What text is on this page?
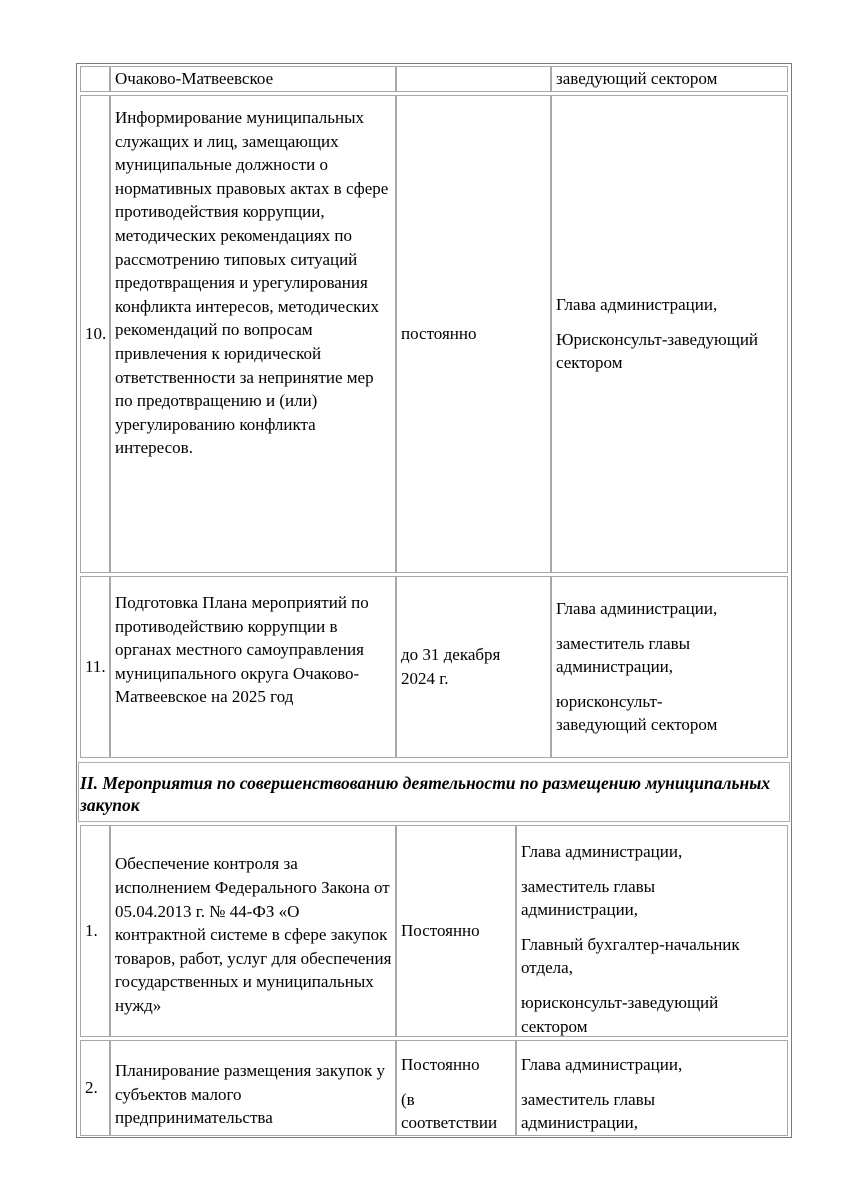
Очаково-Матвеевское	заведующий сектором
10.
Информирование муниципальных служащих и лиц, замещающих муниципальные должности о нормативных правовых актах в сфере противодействия коррупции, методических рекомендациях по рассмотрению типовых ситуаций предотвращения и урегулирования конфликта интересов, методических рекомендаций по вопросам привлечения к юридической ответственности за непринятие мер по предотвращению и (или) урегулированию конфликта интересов.
постоянно

Глава администрации,

Юрисконсульт-заведующий сектором

11.
Подготовка Плана мероприятий по противодействию коррупции в органах местного самоуправления муниципального округа Очаково-Матвеевское на 2025 год
до 31 декабря 2024 г.

Глава администрации,

заместитель главы администрации,

юрисконсульт-заведующий сектором

II. Мероприятия по совершенствованию деятельности по размещению муниципальных закупок
1.
Обеспечение контроля за исполнением Федерального Закона от 05.04.2013 г. № 44-ФЗ «О контрактной системе в сфере закупок товаров, работ, услуг для обеспечения государственных и муниципальных нужд»
Постоянно

Глава администрации,

заместитель главы администрации,

Главный бухгалтер-начальник отдела,

юрисконсульт-заведующий сектором

2.
Планирование размещения закупок у субъектов малого предпринимательства

Постоянно

(в соответствии

Глава администрации,

заместитель главы администрации,
